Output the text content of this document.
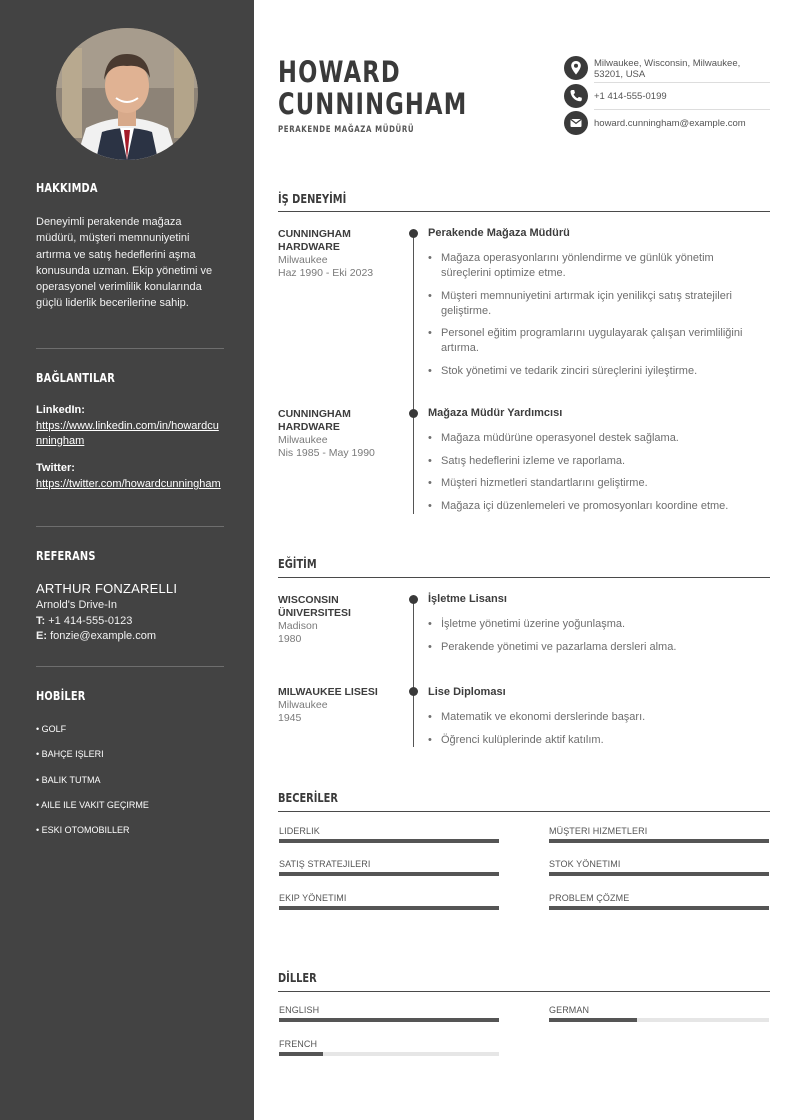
HAKKIMDA
Deneyimli perakende mağaza müdürü, müşteri memnuniyetini artırma ve satış hedeflerini aşma konusunda uzman. Ekip yönetimi ve operasyonel verimlilik konularında güçlü liderlik becerilerine sahip.
BAĞLANTILAR
LinkedIn:
https://www.linkedin.com/in/howardcunningham
Twitter:
https://twitter.com/howardcunningham
REFERANS
ARTHUR FONZARELLI
Arnold's Drive-In
T: +1 414-555-0123
E: fonzie@example.com
HOBİLER
• GOLF
• BAHÇE IŞLERI
• BALIK TUTMA
• AILE ILE VAKIT GEÇIRME
• ESKI OTOMOBILLER
HOWARD
CUNNINGHAM
PERAKENDE MAĞAZA MÜDÜRÜ
Milwaukee, Wisconsin, Milwaukee, 53201, USA
+1 414-555-0199
howard.cunningham@example.com
İŞ DENEYİMİ
CUNNINGHAM HARDWARE
Milwaukee
Haz 1990 - Eki 2023
Perakende Mağaza Müdürü
• Mağaza operasyonlarını yönlendirme ve günlük yönetim süreçlerini optimize etme.
• Müşteri memnuniyetini artırmak için yenilikçi satış stratejileri geliştirme.
• Personel eğitim programlarını uygulayarak çalışan verimliliğini artırma.
• Stok yönetimi ve tedarik zinciri süreçlerini iyileştirme.
CUNNINGHAM HARDWARE
Milwaukee
Nis 1985 - May 1990
Mağaza Müdür Yardımcısı
• Mağaza müdürüne operasyonel destek sağlama.
• Satış hedeflerini izleme ve raporlama.
• Müşteri hizmetleri standartlarını geliştirme.
• Mağaza içi düzenlemeleri ve promosyonları koordine etme.
EĞİTİM
WISCONSIN ÜNIVERSITESI
Madison
1980
İşletme Lisansı
• İşletme yönetimi üzerine yoğunlaşma.
• Perakende yönetimi ve pazarlama dersleri alma.
MILWAUKEE LISESI
Milwaukee
1945
Lise Diploması
• Matematik ve ekonomi derslerinde başarı.
• Öğrenci kulüplerinde aktif katılım.
BECERİLER
LIDERLIK	MÜŞTERI HIZMETLERI
SATIŞ STRATEJILERI	STOK YÖNETIMI
EKIP YÖNETIMI	PROBLEM ÇÖZME
DİLLER
ENGLISH	GERMAN
FRENCH
